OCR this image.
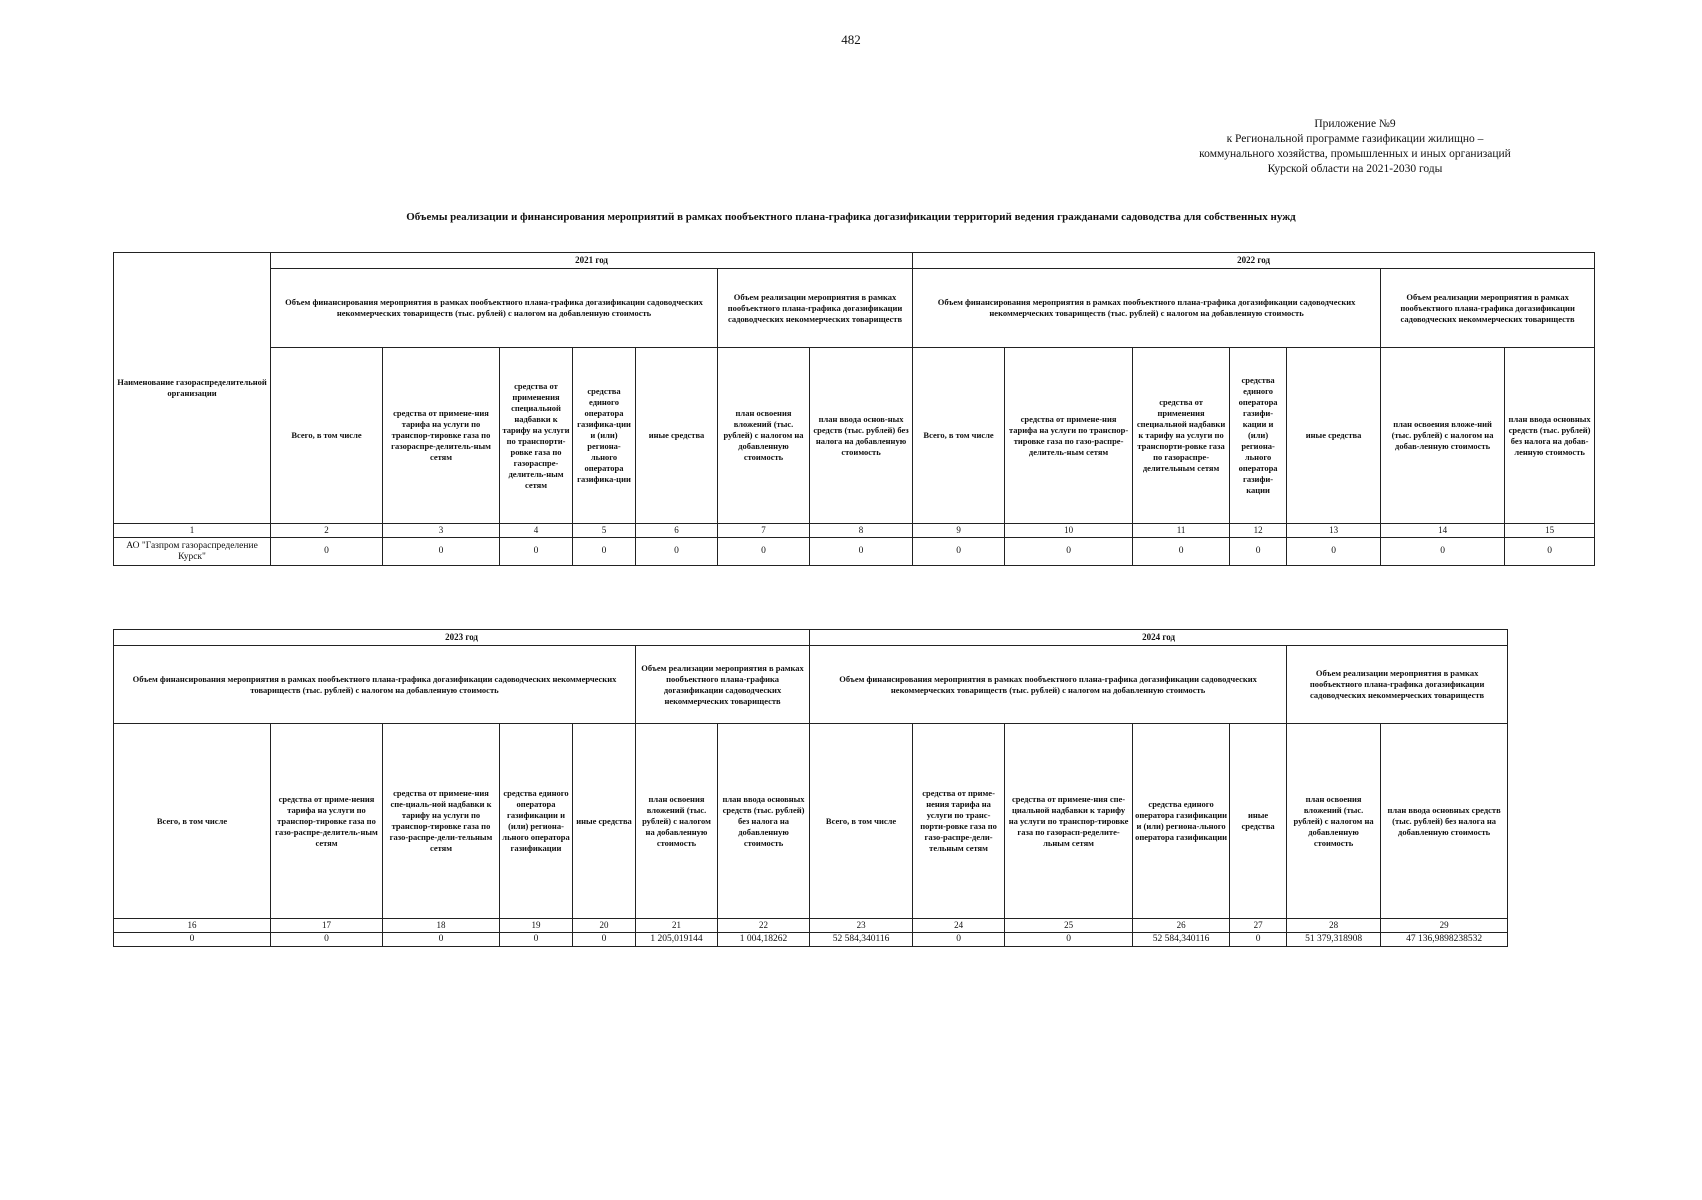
482
Приложение №9
к Региональной программе газификации жилищно –
коммунального хозяйства, промышленных и иных организаций
Курской области на 2021-2030 годы
Объемы реализации и финансирования мероприятий в рамках пообъектного плана-графика догазификации территорий ведения гражданами садоводства для собственных нужд
Наименование газораспределительной организации	2021 год							2022 год						
	Объем финансирования мероприятия в рамках пообъектного плана-графика догазификации садоводческих некоммерческих товариществ (тыс. рублей) с налогом на добавленную стоимость					Объем реализации мероприятия в рамках пообъектного плана-графика догазификации садоводческих некоммерческих товариществ		Объем финансирования мероприятия в рамках пообъектного плана-графика догазификации садоводческих некоммерческих товариществ (тыс. рублей) с налогом на добавленную стоимость					Объем реализации мероприятия в рамках пообъектного плана-графика догазификации садоводческих некоммерческих товариществ	
	Всего, в том числе	средства от примене-ния тарифа на услуги по транспор-тировке газа по газораспре-делитель-ным сетям	средства от применения специальной надбавки к тарифу на услуги по транспорти-ровке газа по газораспре-делитель-ным сетям	средства единого оператора газифика-ции и (или) региона-льного оператора газифика-ции	иные средства	план освоения вложений (тыс. рублей) с налогом на добавленную стоимость	план ввода основ-ных средств (тыс. рублей) без налога на добавленную стоимость	Всего, в том числе	средства от примене-ния тарифа на услуги по транспор-тировке газа по газо-распре-делитель-ным сетям	средства от применения специальной надбавки к тарифу на услуги по транспорти-ровке газа по газораспре-делительным сетям	средства единого оператора газифи-кации и (или) региона-льного оператора газифи-кации	иные средства	план освоения вложе-ний (тыс. рублей) с налогом на добав-ленную стоимость	план ввода основных средств (тыс. рублей) без налога на добав-ленную стоимость
1	2	3	4	5	6	7	8	9	10	11	12	13	14	15
АО "Газпром газораспределение Курск"	0	0	0	0	0	0	0	0	0	0	0	0	0	0
2023 год							2024 год						
Объем финансирования мероприятия в рамках пообъектного плана-графика догазификации садоводческих некоммерческих товариществ (тыс. рублей) с налогом на добавленную стоимость					Объем реализации мероприятия в рамках пообъектного плана-графика догазификации садоводческих некоммерческих товариществ		Объем финансирования мероприятия в рамках пообъектного плана-графика догазификации садоводческих некоммерческих товариществ (тыс. рублей) с налогом на добавленную стоимость					Объем реализации мероприятия в рамках пообъектного плана-графика догазификации садоводческих некоммерческих товариществ	
Всего, в том числе	средства от приме-нения тарифа на услуги по транспор-тировке газа по газо-распре-делитель-ным сетям	средства от примене-ния спе-циаль-ной надбавки к тарифу на услуги по транспор-тировке газа по газо-распре-дели-тельным сетям	средства единого оператора газификации и (или) региона-льного оператора газификации	иные средства	план освоения вложений (тыс. рублей) с налогом на добавленную стоимость	план ввода основных средств (тыс. рублей) без налога на добавленную стоимость	Всего, в том числе	средства от приме-нения тарифа на услуги по транс-порти-ровке газа по газо-распре-дели-тельным сетям	средства от примене-ния спе-циальной надбавки к тарифу на услуги по транспор-тировке газа по газорасп-ределите-льным сетям	средства единого оператора газификации и (или) региона-льного оператора газификации	иные средства	план освоения вложений (тыс. рублей) с налогом на добавленную стоимость	план ввода основных средств (тыс. рублей) без налога на добавленную стоимость
16	17	18	19	20	21	22	23	24	25	26	27	28	29
0	0	0	0	0	1 205,019144	1 004,18262	52 584,340116	0	0	52 584,340116	0	51 379,318908	47 136,9898238532
